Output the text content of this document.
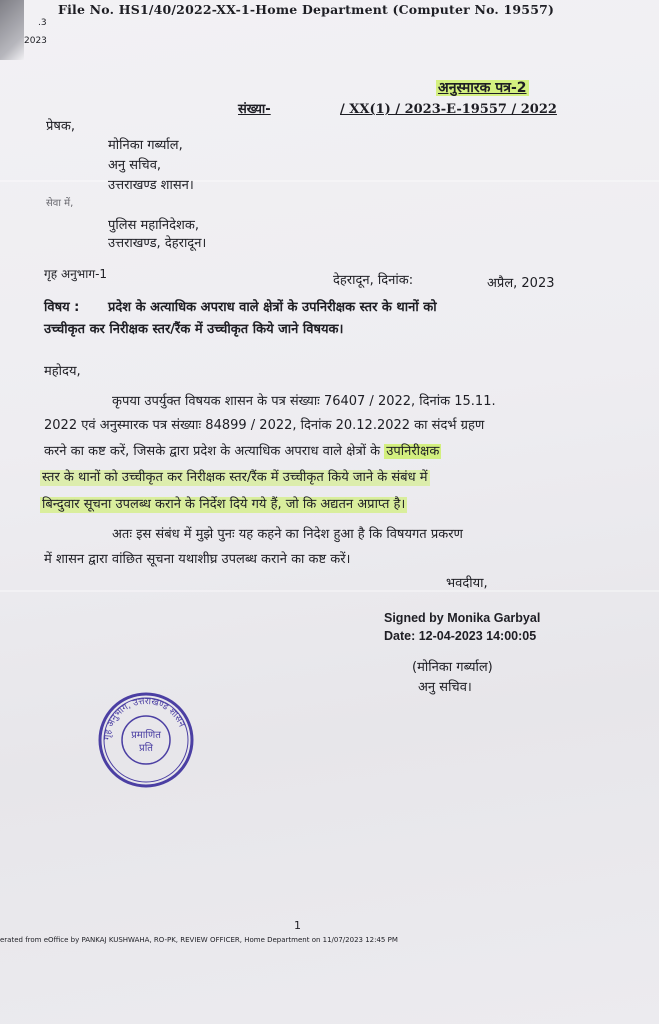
File No. HS1/40/2022-XX-1-Home Department (Computer No. 19557)
.3
2023
अनुस्मारक पत्र-2
संख्या-	/ XX(1) / 2023-E-19557 / 2022
प्रेषक,
मोनिका गर्ब्याल,
अनु सचिव,
उत्तराखण्ड शासन।
सेवा में,
पुलिस महानिदेशक,
उत्तराखण्ड, देहरादून।
गृह अनुभाग-1	देहरादून, दिनांक:	अप्रैल, 2023
विषय : प्रदेश के अत्याधिक अपराध वाले क्षेत्रों के उपनिरीक्षक स्तर के थानों को
उच्चीकृत कर निरीक्षक स्तर/रैंक में उच्चीकृत किये जाने विषयक।
महोदय,
कृपया उपर्युक्त विषयक शासन के पत्र संख्याः 76407 / 2022, दिनांक 15.11.
2022 एवं अनुस्मारक पत्र संख्याः 84899 / 2022, दिनांक 20.12.2022 का संदर्भ ग्रहण
करने का कष्ट करें, जिसके द्वारा प्रदेश के अत्याधिक अपराध वाले क्षेत्रों के उपनिरीक्षक
स्तर के थानों को उच्चीकृत कर निरीक्षक स्तर/रैंक में उच्चीकृत किये जाने के संबंध में
बिन्दुवार सूचना उपलब्ध कराने के निर्देश दिये गये हैं, जो कि अद्यतन अप्राप्त है।
अतः इस संबंध में मुझे पुनः यह कहने का निदेश हुआ है कि विषयगत प्रकरण
में शासन द्वारा वांछित सूचना यथाशीघ्र उपलब्ध कराने का कष्ट करें।
भवदीया,
Signed by Monika Garbyal
Date: 12-04-2023 14:00:05
(मोनिका गर्ब्याल)
अनु सचिव।
गृह अनुभाग, उत्तराखण्ड शासन
प्रमाणित
प्रति
1
erated from eOffice by PANKAJ KUSHWAHA, RO-PK, REVIEW OFFICER, Home Department on 11/07/2023 12:45 PM
